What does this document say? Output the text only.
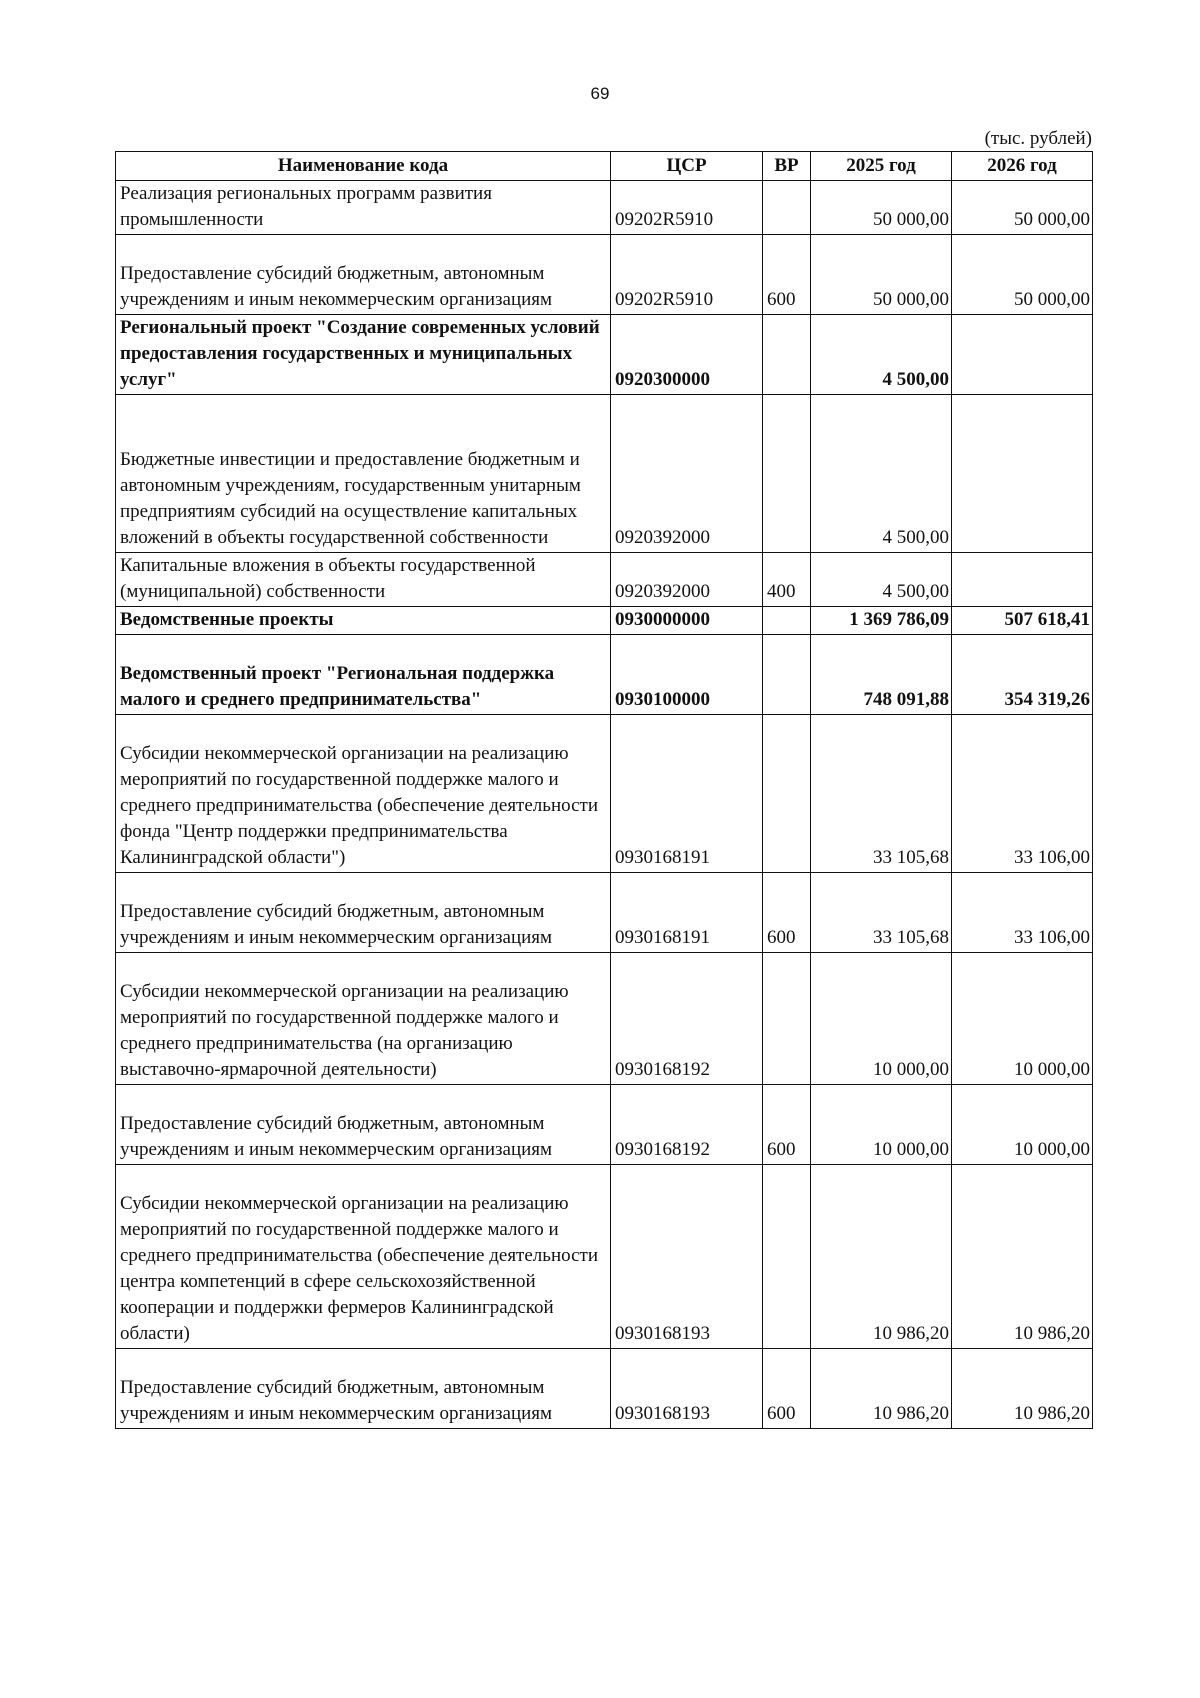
69
(тыс. рублей)
Наименование кода	ЦСР	ВР	2025 год	2026 год
Реализация региональных программ развития промышленности	09202R5910		50 000,00	50 000,00
Предоставление субсидий бюджетным, автономным учреждениям и иным некоммерческим организациям	09202R5910	600	50 000,00	50 000,00
Региональный проект "Создание современных условий предоставления государственных и муниципальных услуг"	0920300000		4 500,00	
Бюджетные инвестиции и предоставление бюджетным и автономным учреждениям, государственным унитарным предприятиям субсидий на осуществление капитальных вложений в объекты государственной собственности	0920392000		4 500,00	
Капитальные вложения в объекты государственной (муниципальной) собственности	0920392000	400	4 500,00	
Ведомственные проекты	0930000000		1 369 786,09	507 618,41
Ведомственный проект "Региональная поддержка малого и среднего предпринимательства"	0930100000		748 091,88	354 319,26
Субсидии некоммерческой организации на реализацию мероприятий по государственной поддержке малого и среднего предпринимательства (обеспечение деятельности фонда "Центр поддержки предпринимательства Калининградской области")	0930168191		33 105,68	33 106,00
Предоставление субсидий бюджетным, автономным учреждениям и иным некоммерческим организациям	0930168191	600	33 105,68	33 106,00
Субсидии некоммерческой организации на реализацию мероприятий по государственной поддержке малого и среднего предпринимательства (на организацию выставочно-ярмарочной деятельности)	0930168192		10 000,00	10 000,00
Предоставление субсидий бюджетным, автономным учреждениям и иным некоммерческим организациям	0930168192	600	10 000,00	10 000,00
Субсидии некоммерческой организации на реализацию мероприятий по государственной поддержке малого и среднего предпринимательства (обеспечение деятельности центра компетенций в сфере сельскохозяйственной кооперации и поддержки фермеров Калининградской области)	0930168193		10 986,20	10 986,20
Предоставление субсидий бюджетным, автономным учреждениям и иным некоммерческим организациям	0930168193	600	10 986,20	10 986,20
